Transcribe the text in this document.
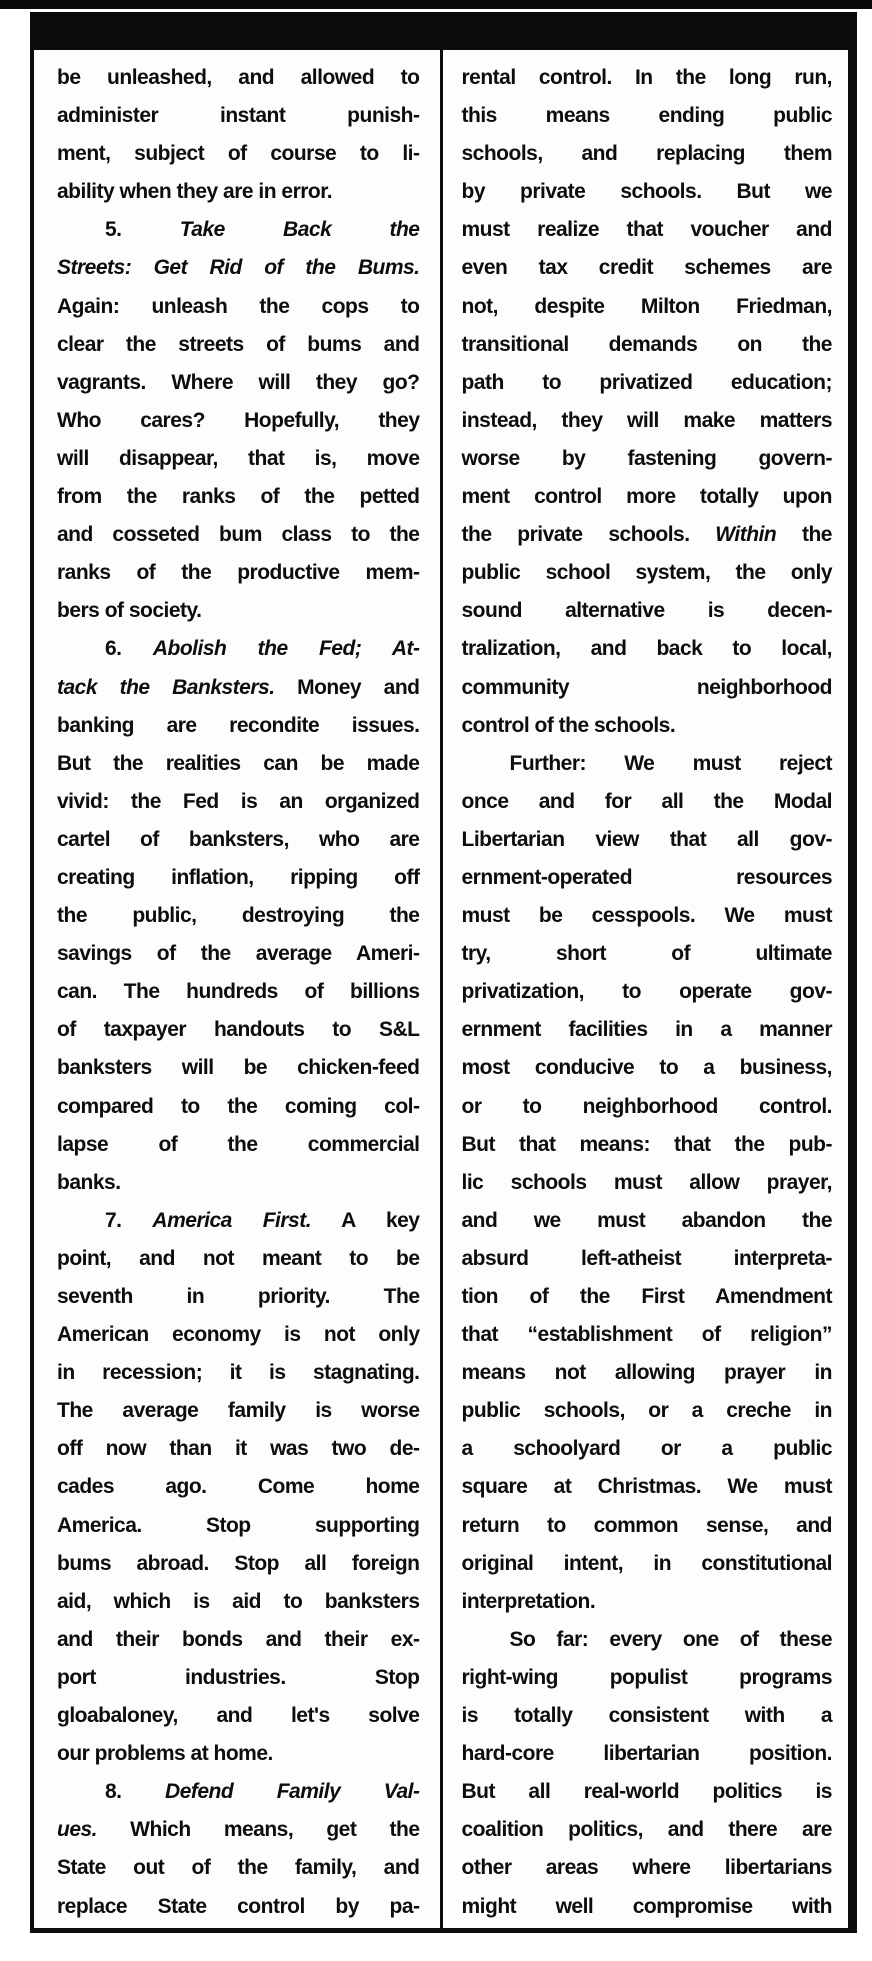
be unleashed, and allowed to
administer instant punish-
ment, subject of course to li-
ability when they are in error.
5. Take Back the
Streets: Get Rid of the Bums.
Again: unleash the cops to
clear the streets of bums and
vagrants. Where will they go?
Who cares? Hopefully, they
will disappear, that is, move
from the ranks of the petted
and cosseted bum class to the
ranks of the productive mem-
bers of society.
6. Abolish the Fed; At-
tack the Banksters. Money and
banking are recondite issues.
But the realities can be made
vivid: the Fed is an organized
cartel of banksters, who are
creating inflation, ripping off
the public, destroying the
savings of the average Ameri-
can. The hundreds of billions
of taxpayer handouts to S&L
banksters will be chicken-feed
compared to the coming col-
lapse of the commercial
banks.
7. America First. A key
point, and not meant to be
seventh in priority. The
American economy is not only
in recession; it is stagnating.
The average family is worse
off now than it was two de-
cades ago. Come home
America. Stop supporting
bums abroad. Stop all foreign
aid, which is aid to banksters
and their bonds and their ex-
port industries. Stop
gloabaloney, and let's solve
our problems at home.
8. Defend Family Val-
ues. Which means, get the
State out of the family, and
replace State control by pa-
rental control. In the long run,
this means ending public
schools, and replacing them
by private schools. But we
must realize that voucher and
even tax credit schemes are
not, despite Milton Friedman,
transitional demands on the
path to privatized education;
instead, they will make matters
worse by fastening govern-
ment control more totally upon
the private schools. Within the
public school system, the only
sound alternative is decen-
tralization, and back to local,
community neighborhood
control of the schools.
Further: We must reject
once and for all the Modal
Libertarian view that all gov-
ernment-operated resources
must be cesspools. We must
try, short of ultimate
privatization, to operate gov-
ernment facilities in a manner
most conducive to a business,
or to neighborhood control.
But that means: that the pub-
lic schools must allow prayer,
and we must abandon the
absurd left-atheist interpreta-
tion of the First Amendment
that “establishment of religion”
means not allowing prayer in
public schools, or a creche in
a schoolyard or a public
square at Christmas. We must
return to common sense, and
original intent, in constitutional
interpretation.
So far: every one of these
right-wing populist programs
is totally consistent with a
hard-core libertarian position.
But all real-world politics is
coalition politics, and there are
other areas where libertarians
might well compromise with
